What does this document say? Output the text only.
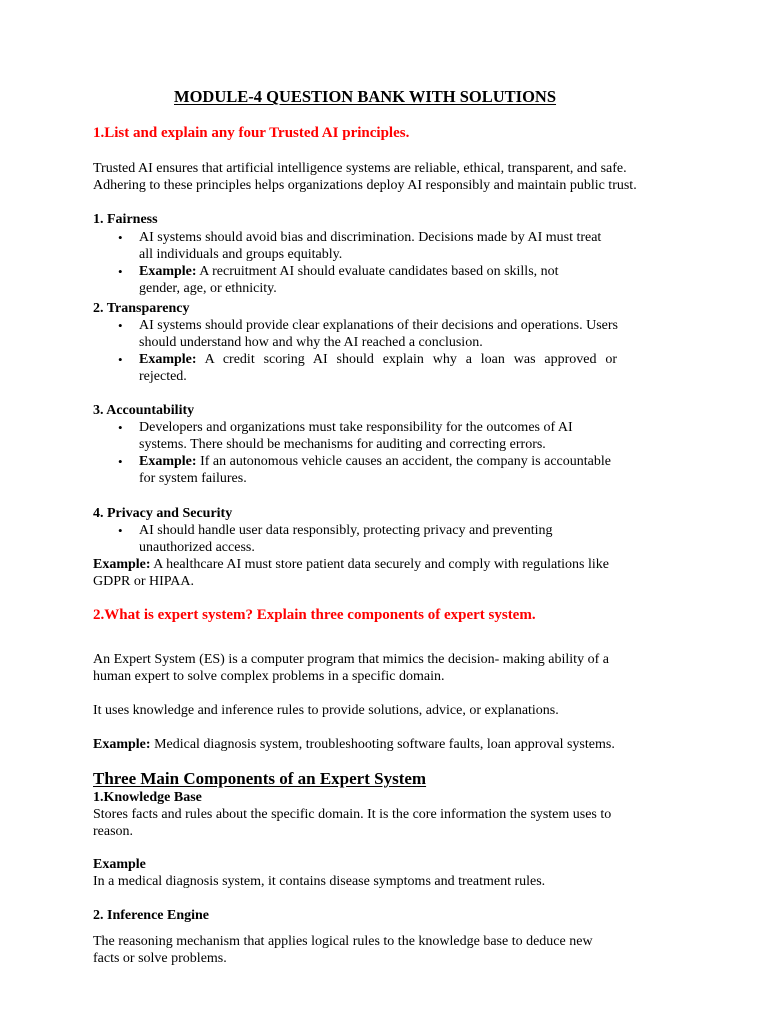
MODULE-4 QUESTION BANK WITH SOLUTIONS
1.List and explain any four Trusted AI principles.
Trusted AI ensures that artificial intelligence systems are reliable, ethical, transparent, and safe.
Adhering to these principles helps organizations deploy AI responsibly and maintain public trust.
1. Fairness
• AI systems should avoid bias and discrimination. Decisions made by AI must treat
all individuals and groups equitably.
• Example: A recruitment AI should evaluate candidates based on skills, not
gender, age, or ethnicity.
2. Transparency
• AI systems should provide clear explanations of their decisions and operations. Users
should understand how and why the AI reached a conclusion.
• Example: A credit scoring AI should explain why a loan was approved or
rejected.
3. Accountability
• Developers and organizations must take responsibility for the outcomes of AI
systems. There should be mechanisms for auditing and correcting errors.
• Example: If an autonomous vehicle causes an accident, the company is accountable
for system failures.
4. Privacy and Security
• AI should handle user data responsibly, protecting privacy and preventing
unauthorized access.
Example: A healthcare AI must store patient data securely and comply with regulations like
GDPR or HIPAA.
2.What is expert system? Explain three components of expert system.
An Expert System (ES) is a computer program that mimics the decision- making ability of a
human expert to solve complex problems in a specific domain.
It uses knowledge and inference rules to provide solutions, advice, or explanations.
Example: Medical diagnosis system, troubleshooting software faults, loan approval systems.
Three Main Components of an Expert System
1.Knowledge Base
Stores facts and rules about the specific domain. It is the core information the system uses to
reason.
Example
In a medical diagnosis system, it contains disease symptoms and treatment rules.
2. Inference Engine
The reasoning mechanism that applies logical rules to the knowledge base to deduce new
facts or solve problems.
